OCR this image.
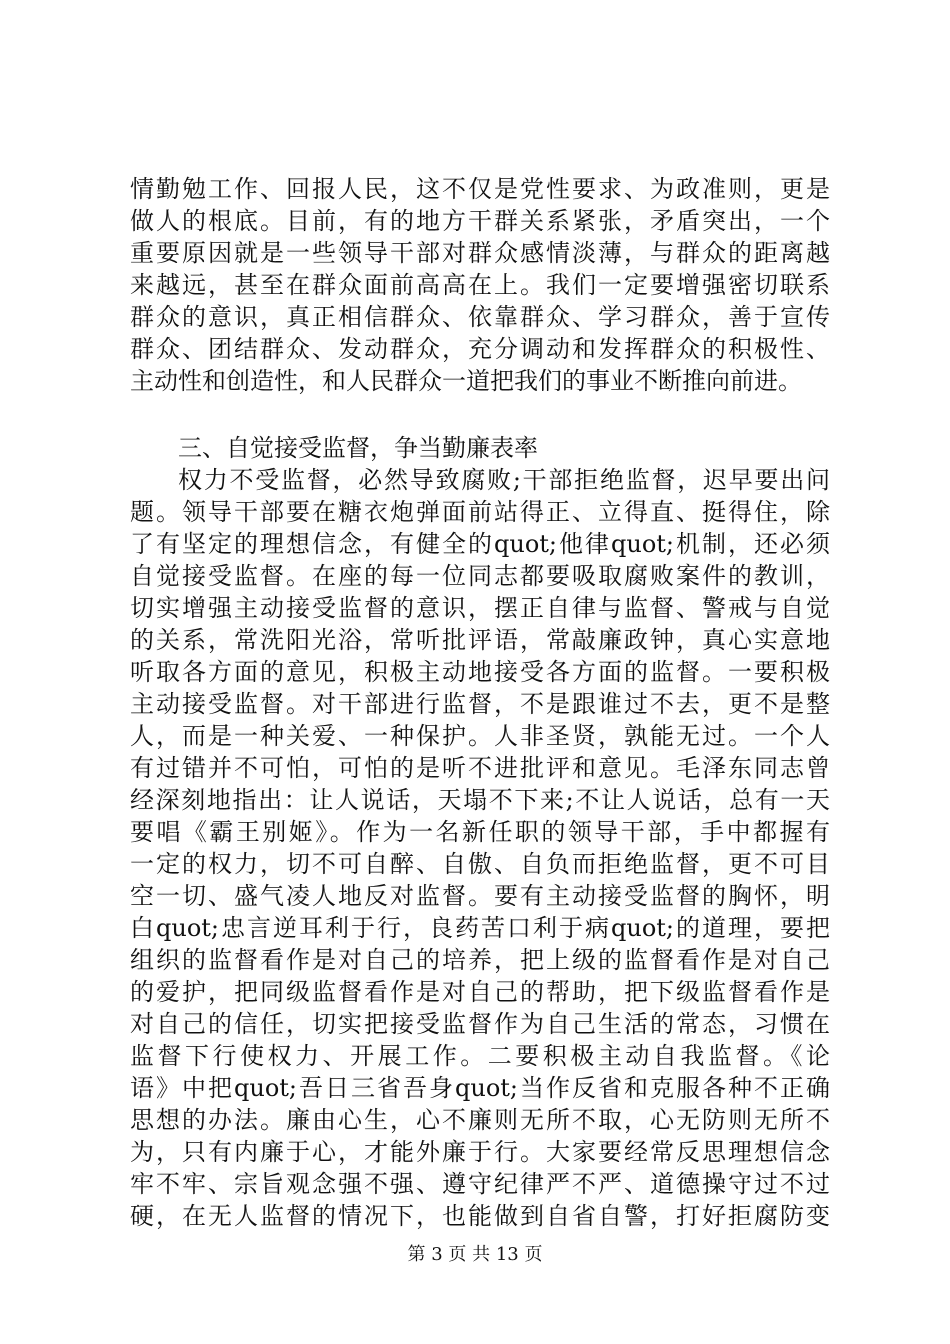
情勤勉工作、回报人民，这不仅是党性要求、为政准则，更是
做人的根底。目前，有的地方干群关系紧张，矛盾突出，一个
重要原因就是一些领导干部对群众感情淡薄，与群众的距离越
来越远，甚至在群众面前高高在上。我们一定要增强密切联系
群众的意识，真正相信群众、依靠群众、学习群众，善于宣传
群众、团结群众、发动群众，充分调动和发挥群众的积极性、
主动性和创造性，和人民群众一道把我们的事业不断推向前进。
三、自觉接受监督，争当勤廉表率
权力不受监督，必然导致腐败;干部拒绝监督，迟早要出问
题。领导干部要在糖衣炮弹面前站得正、立得直、挺得住，除
了有坚定的理想信念，有健全的quot;他律quot;机制，还必须
自觉接受监督。在座的每一位同志都要吸取腐败案件的教训，
切实增强主动接受监督的意识，摆正自律与监督、警戒与自觉
的关系，常洗阳光浴，常听批评语，常敲廉政钟，真心实意地
听取各方面的意见，积极主动地接受各方面的监督。一要积极
主动接受监督。对干部进行监督，不是跟谁过不去，更不是整
人，而是一种关爱、一种保护。人非圣贤，孰能无过。一个人
有过错并不可怕，可怕的是听不进批评和意见。毛泽东同志曾
经深刻地指出：让人说话，天塌不下来;不让人说话，总有一天
要唱《霸王别姬》。作为一名新任职的领导干部，手中都握有
一定的权力，切不可自醉、自傲、自负而拒绝监督，更不可目
空一切、盛气凌人地反对监督。要有主动接受监督的胸怀，明
白quot;忠言逆耳利于行，良药苦口利于病quot;的道理，要把
组织的监督看作是对自己的培养，把上级的监督看作是对自己
的爱护，把同级监督看作是对自己的帮助，把下级监督看作是
对自己的信任，切实把接受监督作为自己生活的常态，习惯在
监督下行使权力、开展工作。二要积极主动自我监督。《论
语》中把quot;吾日三省吾身quot;当作反省和克服各种不正确
思想的办法。廉由心生，心不廉则无所不取，心无防则无所不
为，只有内廉于心，才能外廉于行。大家要经常反思理想信念
牢不牢、宗旨观念强不强、遵守纪律严不严、道德操守过不过
硬，在无人监督的情况下，也能做到自省自警，打好拒腐防变
第 3 页 共 13 页
